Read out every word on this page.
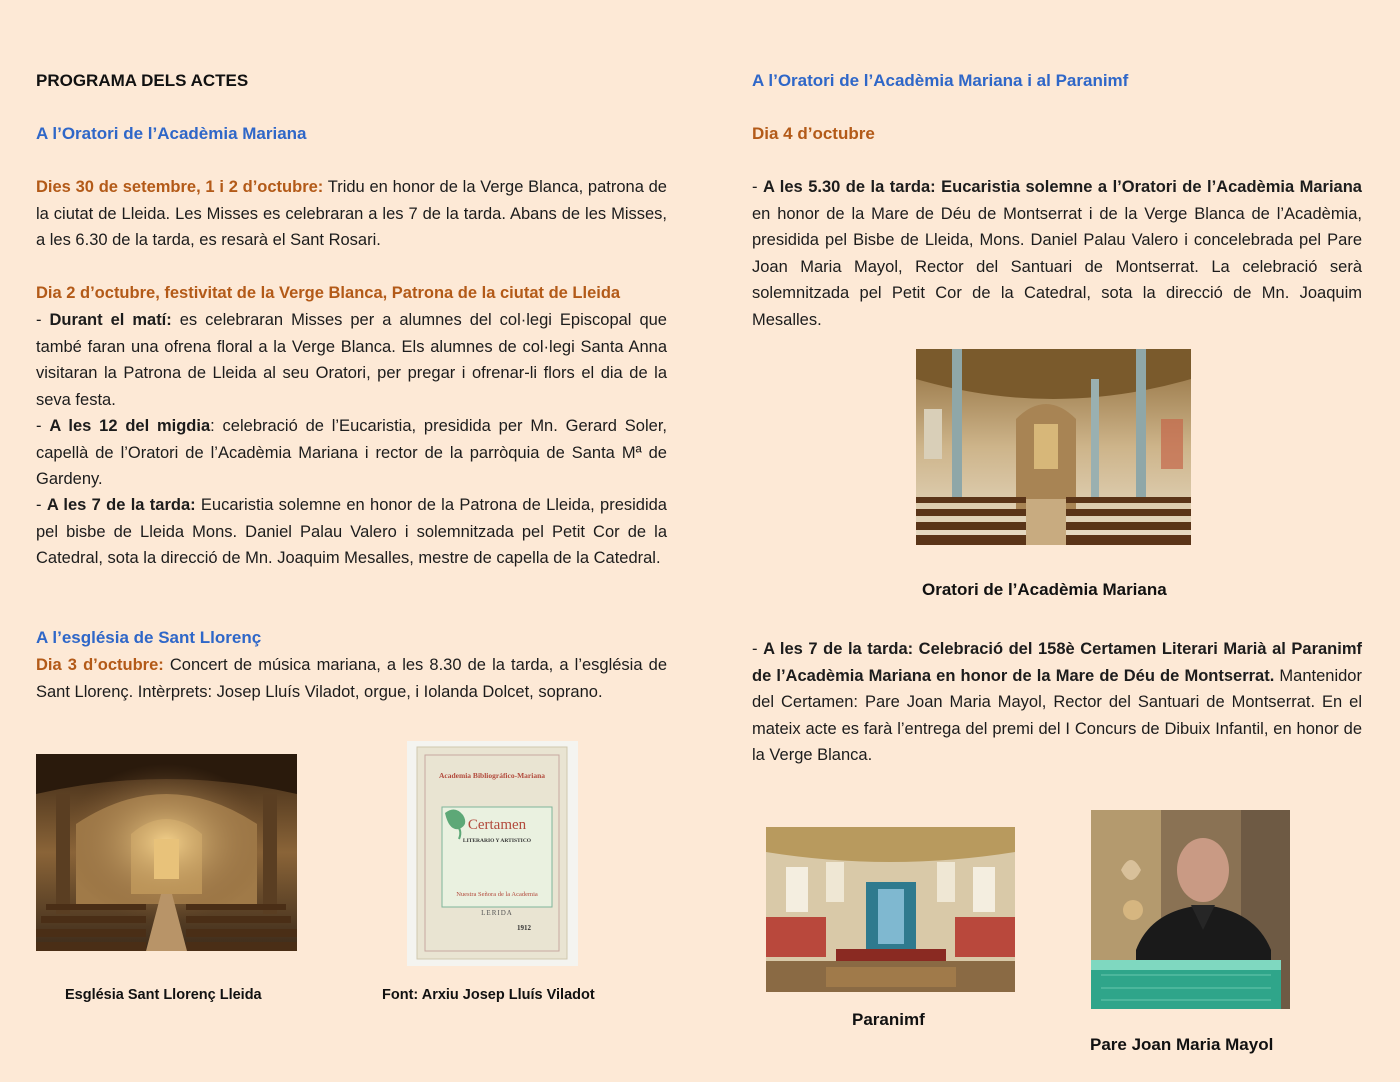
PROGRAMA DELS ACTES
A l’Oratori de l’Acadèmia Mariana
Dies 30 de setembre, 1 i 2 d’octubre: Tridu en honor de la Verge Blanca, patrona de la ciutat de Lleida. Les Misses es celebraran a les 7 de la tarda. Abans de les Misses, a les 6.30 de la tarda, es resarà el Sant Rosari.
Dia 2 d’octubre, festivitat de la Verge Blanca, Patrona de la ciutat de Lleida
- Durant el matí: es celebraran Misses per a alumnes del col·legi Episcopal que també faran una ofrena floral a la Verge Blanca. Els alumnes de col·legi Santa Anna visitaran la Patrona de Lleida al seu Oratori, per pregar i ofrenar-li flors el dia de la seva festa.
- A les 12 del migdia: celebració de l’Eucaristia, presidida per Mn. Gerard Soler, capellà de l’Oratori de l’Acadèmia Mariana i rector de la parròquia de Santa Mª de Gardeny.
- A les 7 de la tarda: Eucaristia solemne en honor de la Patrona de Lleida, presidida pel bisbe de Lleida Mons. Daniel Palau Valero i solemnitzada pel Petit Cor de la Catedral, sota la direcció de Mn. Joaquim Mesalles, mestre de capella de la Catedral.
A l’església de Sant Llorenç
Dia 3 d’octubre: Concert de música mariana, a les 8.30 de la tarda, a l’església de Sant Llorenç. Intèrprets: Josep Lluís Viladot, orgue, i Iolanda Dolcet, soprano.
Academia Bibliográfico-Mariana
Certamen
LITERARIO Y ARTISTICO
Nuestra Señora de la Academia
LERIDA
1912
Església Sant Llorenç Lleida	Font: Arxiu Josep Lluís Viladot
A l’Oratori de l’Acadèmia Mariana i al Paranimf
Dia 4 d’octubre
- A les 5.30 de la tarda: Eucaristia solemne a l’Oratori de l’Acadèmia Mariana en honor de la Mare de Déu de Montserrat i de la Verge Blanca de l’Acadèmia, presidida pel Bisbe de Lleida, Mons. Daniel Palau Valero i concelebrada pel Pare Joan Maria Mayol, Rector del Santuari de Montserrat. La celebració serà solemnitzada pel Petit Cor de la Catedral, sota la direcció de Mn. Joaquim Mesalles.
- A les 7 de la tarda: Celebració del 158è Certamen Literari Marià al Paranimf de l’Acadèmia Mariana en honor de la Mare de Déu de Montserrat. Mantenidor del Certamen: Pare Joan Maria Mayol, Rector del Santuari de Montserrat. En el mateix acte es farà l’entrega del premi del I Concurs de Dibuix Infantil, en honor de la Verge Blanca.
Oratori de l’Acadèmia Mariana
Paranimf
Pare Joan Maria Mayol
